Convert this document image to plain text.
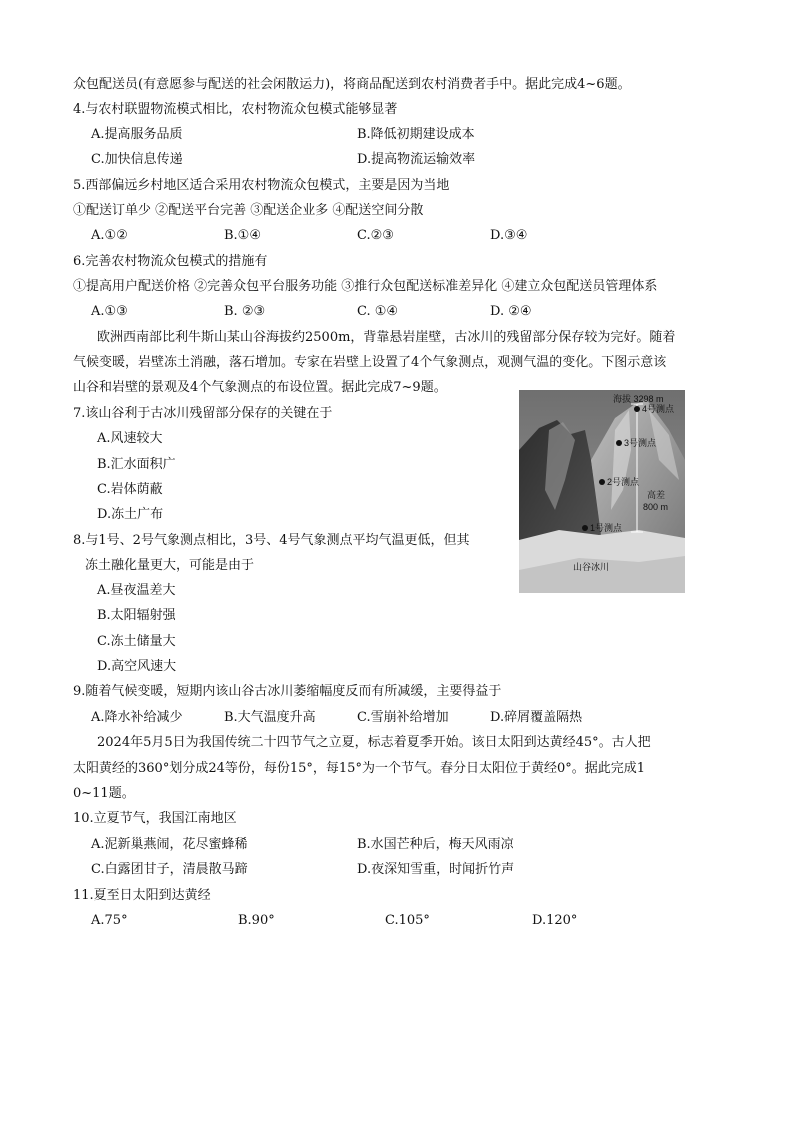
众包配送员(有意愿参与配送的社会闲散运力)，将商品配送到农村消费者手中。据此完成4~6题。
4.与农村联盟物流模式相比，农村物流众包模式能够显著
A.提高服务品质	B.降低初期建设成本
C.加快信息传递	D.提高物流运输效率
5.西部偏远乡村地区适合采用农村物流众包模式，主要是因为当地
①配送订单少 ②配送平台完善 ③配送企业多 ④配送空间分散
A.①②	B.①④	C.②③	D.③④
6.完善农村物流众包模式的措施有
①提高用户配送价格 ②完善众包平台服务功能 ③推行众包配送标准差异化 ④建立众包配送员管理体系
A.①③	B. ②③	C. ①④	D. ②④
欧洲西南部比利牛斯山某山谷海拔约2500m，背靠悬岩崖壁，古冰川的残留部分保存较为完好。随着
气候变暖，岩壁冻土消融，落石增加。专家在岩壁上设置了4个气象测点，观测气温的变化。下图示意该
山谷和岩壁的景观及4个气象测点的布设位置。据此完成7~9题。
海拔 3298 m
4号测点
3号测点
2号测点
1号测点
高差
800 m
山谷冰川
7.该山谷利于古冰川残留部分保存的关键在于
A.风速较大
B.汇水面积广
C.岩体荫蔽
D.冻土广布
8.与1号、2号气象测点相比，3号、4号气象测点平均气温更低，但其
冻土融化量更大，可能是由于
A.昼夜温差大
B.太阳辐射强
C.冻土储量大
D.高空风速大
9.随着气候变暖，短期内该山谷古冰川萎缩幅度反而有所减缓，主要得益于
A.降水补给减少	B.大气温度升高	C.雪崩补给增加	D.碎屑覆盖隔热
2024年5月5日为我国传统二十四节气之立夏，标志着夏季开始。该日太阳到达黄经45°。古人把
太阳黄经的360°划分成24等份，每份15°，每15°为一个节气。春分日太阳位于黄经0°。据此完成1
0~11题。
10.立夏节气，我国江南地区
A.泥新巢燕闹，花尽蜜蜂稀	B.水国芒种后，梅天风雨凉
C.白露团甘子，清晨散马蹄	D.夜深知雪重，时闻折竹声
11.夏至日太阳到达黄经
A.75°	B.90°	C.105°	D.120°
